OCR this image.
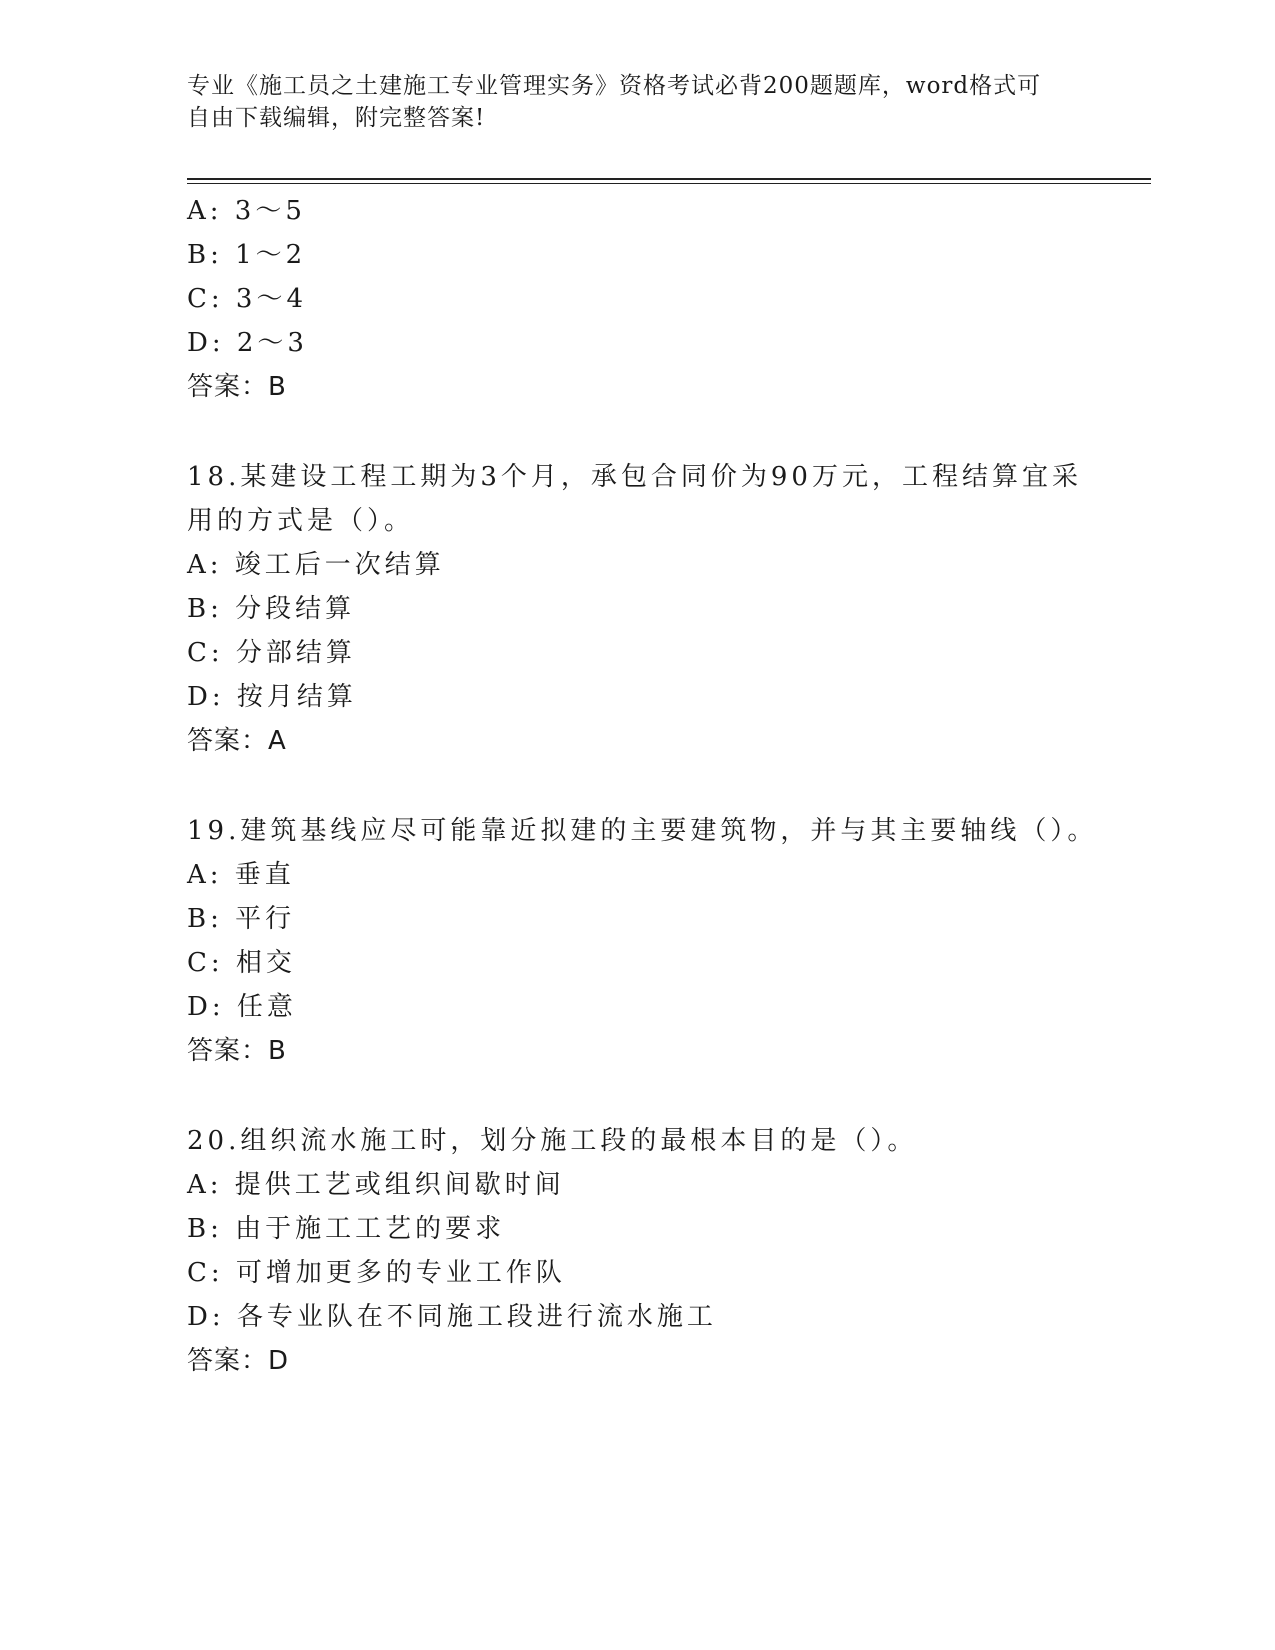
专业《施工员之土建施工专业管理实务》资格考试必背200题题库，word格式可
自由下载编辑，附完整答案!
A: 3～5
B: 1～2
C: 3～4
D: 2～3
答案：B
18.某建设工程工期为3个月，承包合同价为90万元，工程结算宜采
用的方式是（）。
A: 竣工后一次结算
B: 分段结算
C: 分部结算
D: 按月结算
答案：A
19.建筑基线应尽可能靠近拟建的主要建筑物，并与其主要轴线（）。
A: 垂直
B: 平行
C: 相交
D: 任意
答案：B
20.组织流水施工时，划分施工段的最根本目的是（）。
A: 提供工艺或组织间歇时间
B: 由于施工工艺的要求
C: 可增加更多的专业工作队
D: 各专业队在不同施工段进行流水施工
答案：D
